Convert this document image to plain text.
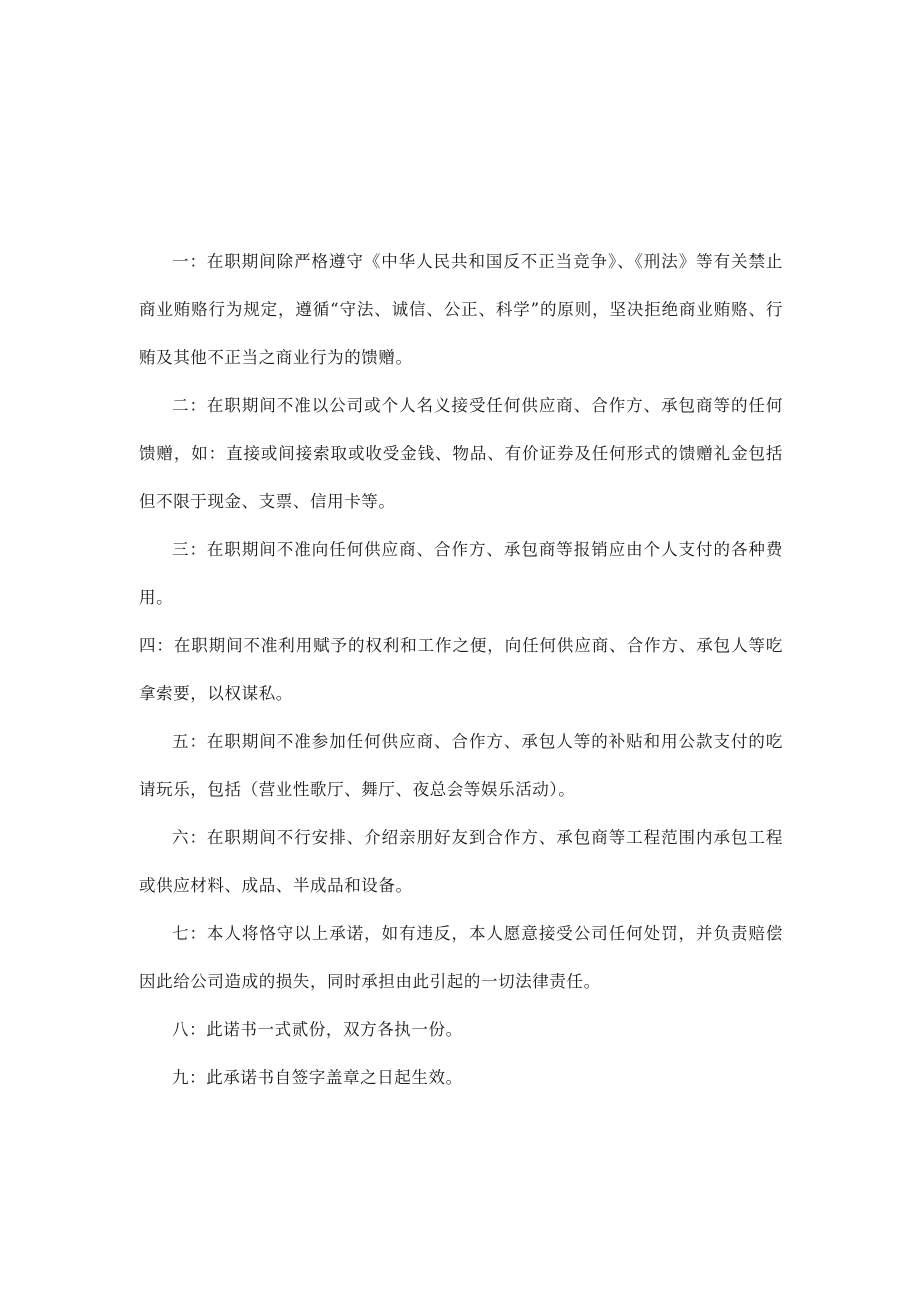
一：在职期间除严格遵守《中华人民共和国反不正当竞争》、《刑法》等有关禁止商业贿赂行为规定，遵循“守法、诚信、公正、科学”的原则，坚决拒绝商业贿赂、行贿及其他不正当之商业行为的馈赠。

二：在职期间不准以公司或个人名义接受任何供应商、合作方、承包商等的任何馈赠，如：直接或间接索取或收受金钱、物品、有价证券及任何形式的馈赠礼金包括但不限于现金、支票、信用卡等。

三：在职期间不准向任何供应商、合作方、承包商等报销应由个人支付的各种费用。

四：在职期间不准利用赋予的权利和工作之便，向任何供应商、合作方、承包人等吃拿索要，以权谋私。

五：在职期间不准参加任何供应商、合作方、承包人等的补贴和用公款支付的吃请玩乐，包括（营业性歌厅、舞厅、夜总会等娱乐活动）。

六：在职期间不行安排、介绍亲朋好友到合作方、承包商等工程范围内承包工程或供应材料、成品、半成品和设备。

七：本人将恪守以上承诺，如有违反，本人愿意接受公司任何处罚，并负责赔偿因此给公司造成的损失，同时承担由此引起的一切法律责任。

八：此诺书一式贰份，双方各执一份。

九：此承诺书自签字盖章之日起生效。
